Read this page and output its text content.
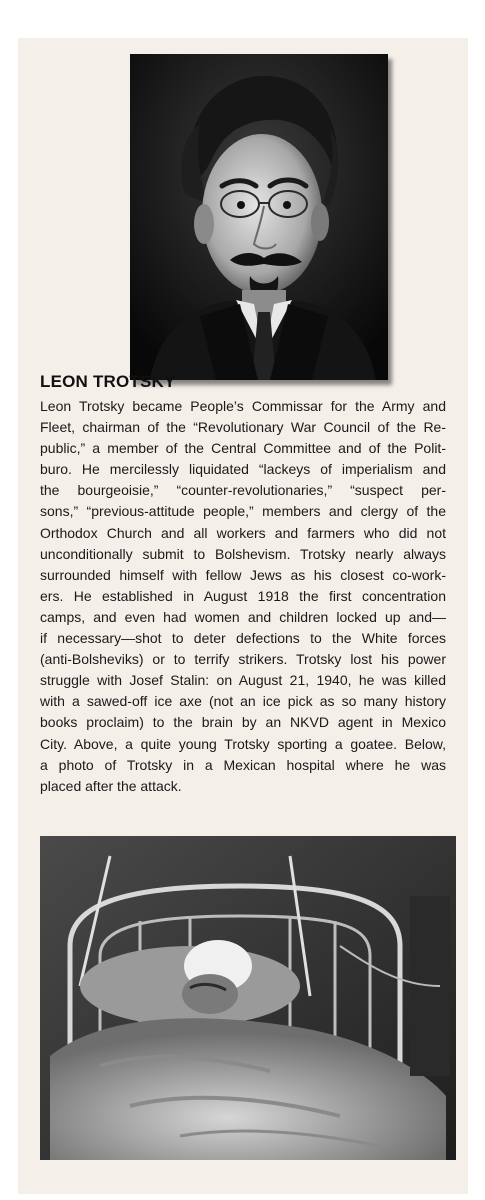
LEON TROTSKY
Leon Trotsky became People’s Commissar for the Army and
Fleet, chairman of the “Revolutionary War Council of the Re-
public,” a member of the Central Committee and of the Polit-
buro. He mercilessly liquidated “lackeys of imperialism and
the bourgeoisie,” “counter-revolutionaries,” “suspect per-
sons,” “previous-attitude people,” members and clergy of the
Orthodox Church and all workers and farmers who did not
unconditionally submit to Bolshevism. Trotsky nearly always
surrounded himself with fellow Jews as his closest co-work-
ers. He established in August 1918 the first concentration
camps, and even had women and children locked up and—
if necessary—shot to deter defections to the White forces
(anti-Bolsheviks) or to terrify strikers. Trotsky lost his power
struggle with Josef Stalin: on August 21, 1940, he was killed
with a sawed-off ice axe (not an ice pick as so many history
books proclaim) to the brain by an NKVD agent in Mexico
City. Above, a quite young Trotsky sporting a goatee. Below,
a photo of Trotsky in a Mexican hospital where he was
placed after the attack.
